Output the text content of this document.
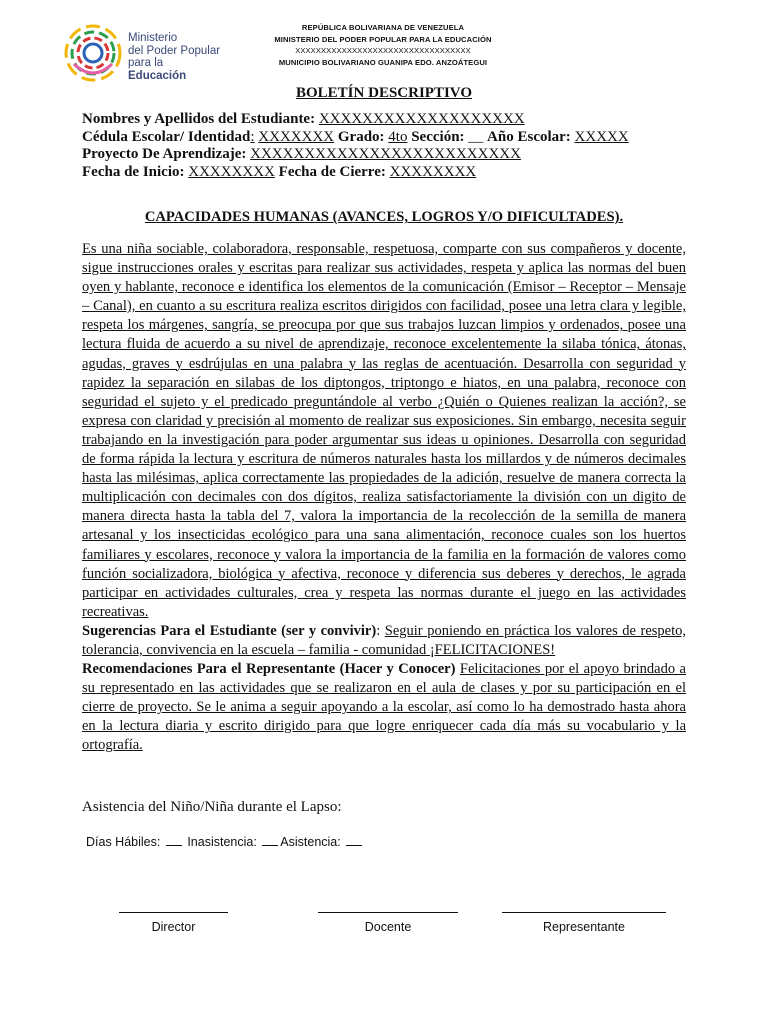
Ministerio
del Poder Popular
para la Educación
REPÚBLICA BOLIVARIANA DE VENEZUELA
MINISTERIO DEL PODER POPULAR PARA LA EDUCACIÓN
XXXXXXXXXXXXXXXXXXXXXXXXXXXXXXXXXX
MUNICIPIO BOLIVARIANO GUANIPA EDO. ANZOÁTEGUI
BOLETÍN DESCRIPTIVO
Nombres y Apellidos del Estudiante: XXXXXXXXXXXXXXXXXXX
Cédula Escolar/ Identidad: XXXXXXX Grado: 4to Sección: __ Año Escolar: XXXXX
Proyecto De Aprendizaje: XXXXXXXXXXXXXXXXXXXXXXXXX
Fecha de Inicio: XXXXXXXX Fecha de Cierre: XXXXXXXX
CAPACIDADES HUMANAS (AVANCES, LOGROS Y/O DIFICULTADES).
Es una niña sociable, colaboradora, responsable, respetuosa, comparte con sus compañeros y docente, sigue instrucciones orales y escritas para realizar sus actividades, respeta y aplica las normas del buen oyen y hablante, reconoce e identifica los elementos de la comunicación (Emisor – Receptor – Mensaje – Canal), en cuanto a su escritura realiza escritos dirigidos con facilidad, posee una letra clara y legible, respeta los márgenes, sangría, se preocupa por que sus trabajos luzcan limpios y ordenados, posee una lectura fluida de acuerdo a su nivel de aprendizaje, reconoce excelentemente la silaba tónica, átonas, agudas, graves y esdrújulas en una palabra y las reglas de acentuación. Desarrolla con seguridad y rapidez la separación en silabas de los diptongos, triptongo e hiatos, en una palabra, reconoce con seguridad el sujeto y el predicado preguntándole al verbo ¿Quién o Quienes realizan la acción?, se expresa con claridad y precisión al momento de realizar sus exposiciones. Sin embargo, necesita seguir trabajando en la investigación para poder argumentar sus ideas u opiniones. Desarrolla con seguridad de forma rápida la lectura y escritura de números naturales hasta los millardos y de números decimales hasta las milésimas, aplica correctamente las propiedades de la adición, resuelve de manera correcta la multiplicación con decimales con dos dígitos, realiza satisfactoriamente la división con un digito de manera directa hasta la tabla del 7, valora la importancia de la recolección de la semilla de manera artesanal y los insecticidas ecológico para una sana alimentación, reconoce cuales son los huertos familiares y escolares, reconoce y valora la importancia de la familia en la formación de valores como función socializadora, biológica y afectiva, reconoce y diferencia sus deberes y derechos, le agrada participar en actividades culturales, crea y respeta las normas durante el juego en las actividades recreativas.
Sugerencias Para el Estudiante (ser y convivir): Seguir poniendo en práctica los valores de respeto, tolerancia, convivencia en la escuela – familia - comunidad ¡FELICITACIONES!
Recomendaciones Para el Representante (Hacer y Conocer) Felicitaciones por el apoyo brindado a su representado en las actividades que se realizaron en el aula de clases y por su participación en el cierre de proyecto. Se le anima a seguir apoyando a la escolar, así como lo ha demostrado hasta ahora en la lectura diaria y escrito dirigido para que logre enriquecer cada día más su vocabulario y la ortografía.
Asistencia del Niño/Niña durante el Lapso:
Días Hábiles: Inasistencia: Asistencia:
Director	Docente	Representante
